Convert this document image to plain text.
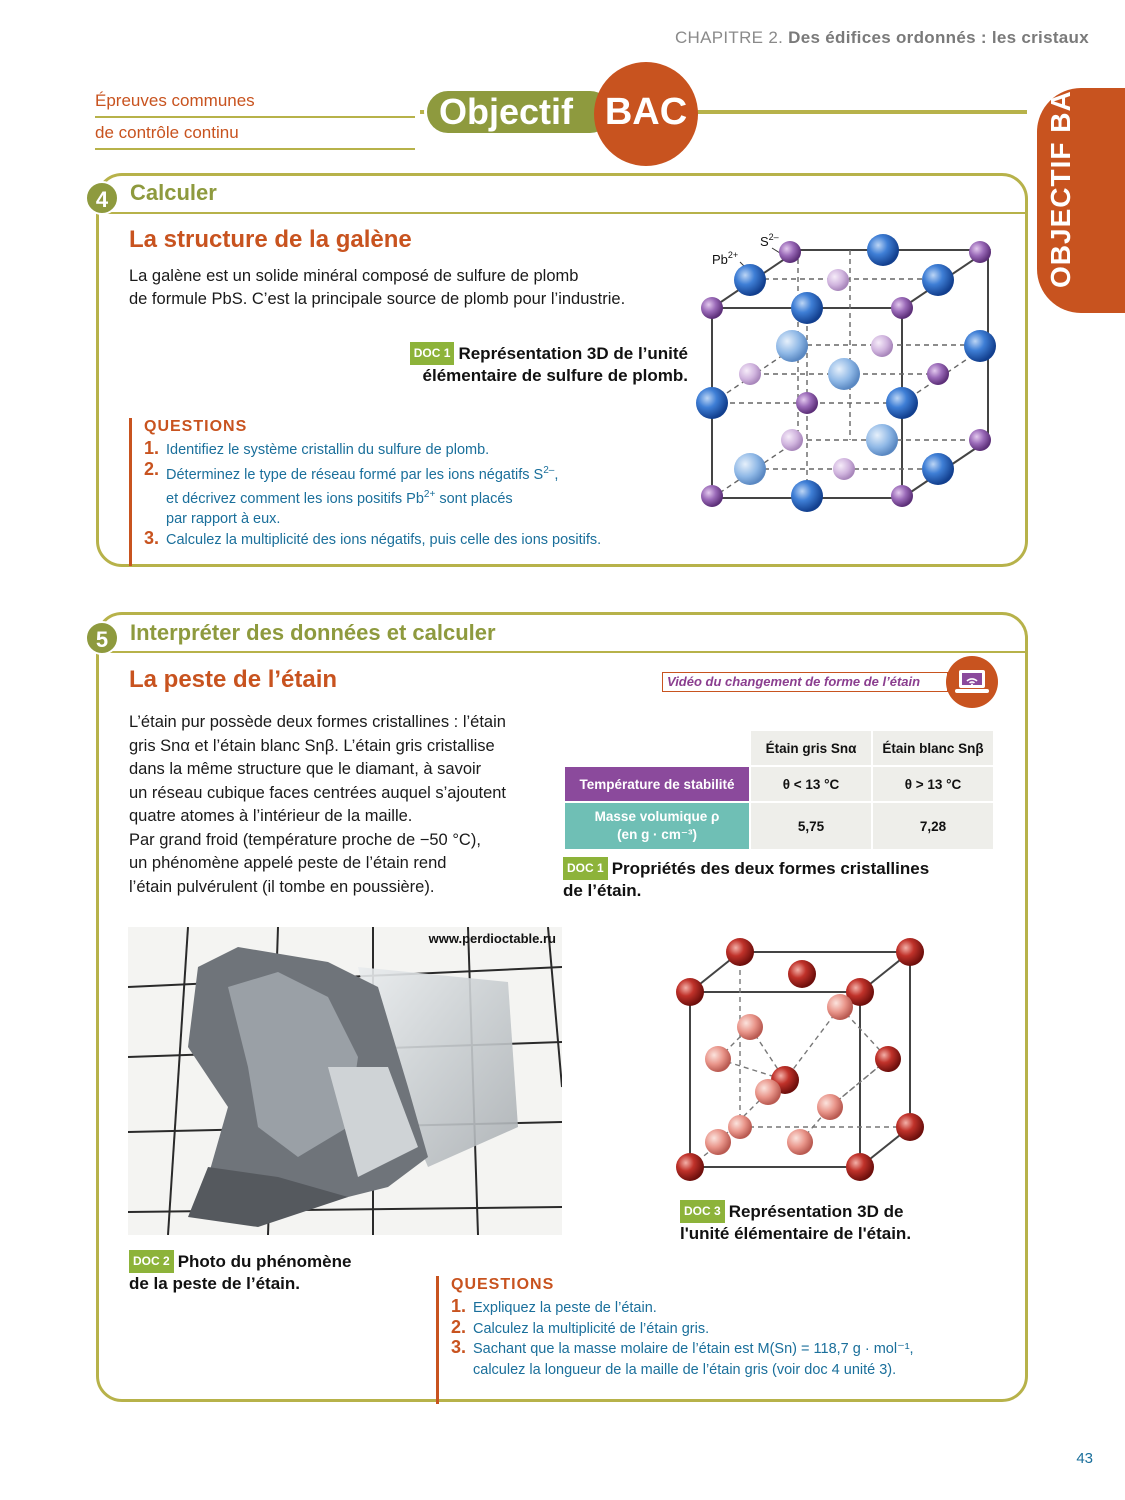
CHAPITRE 2. Des édifices ordonnés : les cristaux
Épreuves communes
de contrôle continu
Objectif BAC	OBJECTIF BAC
4 Calculer
La structure de la galène
La galène est un solide minéral composé de sulfure de plomb
de formule PbS. C’est la principale source de plomb pour l’industrie.
DOC 1 Représentation 3D de l’unité
élémentaire de sulfure de plomb.
$Pb^{2+}$
$S^{2-}$
QUESTIONS
1. Identifiez le système cristallin du sulfure de plomb.
2. Déterminez le type de réseau formé par les ions négatifs $S^{2-}$,
et décrivez comment les ions positifs $Pb^{2+}$ sont placés
par rapport à eux.
3. Calculez la multiplicité des ions négatifs, puis celle des ions positifs.
5 Interpréter des données et calculer
La peste de l’étain	Vidéo du changement de forme de l’étain
L’étain pur possède deux formes cristallines : l’étain
gris Snα et l’étain blanc Snβ. L’étain gris cristallise
dans la même structure que le diamant, à savoir
un réseau cubique faces centrées auquel s’ajoutent
quatre atomes à l’intérieur de la maille.
Par grand froid (température proche de −50 °C),
un phénomène appelé peste de l’étain rend
l’étain pulvérulent (il tombe en poussière).
	Étain gris Snα	Étain blanc Snβ
Température de stabilité	θ < 13 °C	θ > 13 °C

Masse volumique ρ
(en g · cm⁻³)	5,75	7,28
DOC 1 Propriétés des deux formes cristallines
de l’étain.
www.perdioctable.ru
DOC 2 Photo du phénomène
de la peste de l’étain.
DOC 3 Représentation 3D de
l'unité élémentaire de l'étain.
QUESTIONS
1. Expliquez la peste de l’étain.
2. Calculez la multiplicité de l’étain gris.
3. Sachant que la masse molaire de l’étain est M(Sn) = 118,7 g · mol⁻¹,
calculez la longueur de la maille de l’étain gris (voir doc 4 unité 3).
43
